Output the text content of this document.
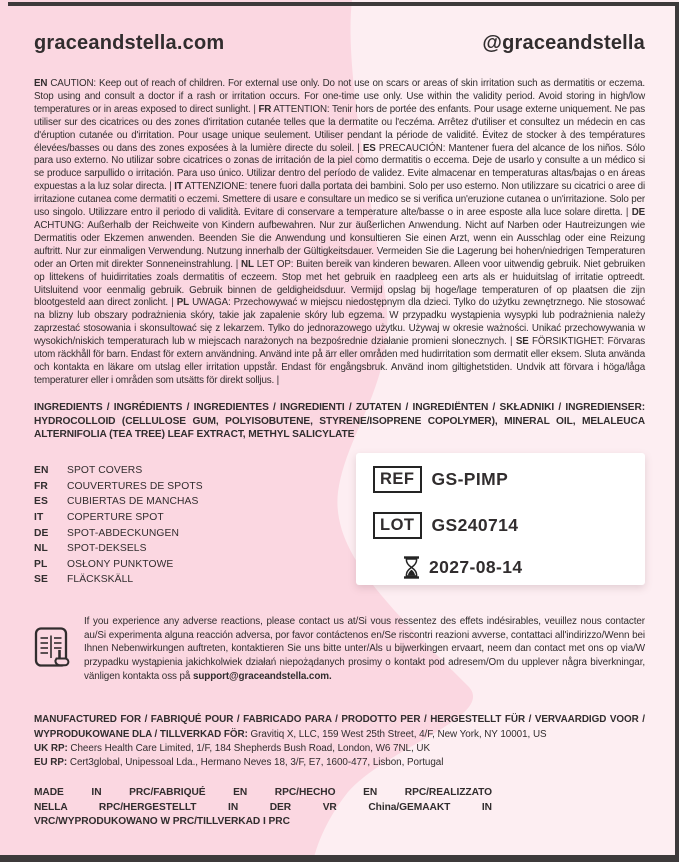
graceandstella.com	@graceandstella

EN CAUTION: Keep out of reach of children. For external use only. Do not use on scars or areas of skin irritation such as dermatitis or eczema. Stop using and consult a doctor if a rash or irritation occurs. For one-time use only. Use within the validity period. Avoid storing in high/low temperatures or in areas exposed to direct sunlight. | FR ATTENTION: Tenir hors de portée des enfants. Pour usage externe uniquement. Ne pas utiliser sur des cicatrices ou des zones d'irritation cutanée telles que la dermatite ou l'eczéma. Arrêtez d'utiliser et consultez un médecin en cas d'éruption cutanée ou d'irritation. Pour usage unique seulement. Utiliser pendant la période de validité. Évitez de stocker à des températures élevées/basses ou dans des zones exposées à la lumière directe du soleil. | ES PRECAUCIÓN: Mantener fuera del alcance de los niños. Sólo para uso externo. No utilizar sobre cicatrices o zonas de irritación de la piel como dermatitis o eccema. Deje de usarlo y consulte a un médico si se produce sarpullido o irritación. Para uso único. Utilizar dentro del período de validez. Evite almacenar en temperaturas altas/bajas o en áreas expuestas a la luz solar directa. | IT ATTENZIONE: tenere fuori dalla portata dei bambini. Solo per uso esterno. Non utilizzare su cicatrici o aree di irritazione cutanea come dermatiti o eczemi. Smettere di usare e consultare un medico se si verifica un'eruzione cutanea o un'irritazione. Solo per uso singolo. Utilizzare entro il periodo di validità. Evitare di conservare a temperature alte/basse o in aree esposte alla luce solare diretta. | DE ACHTUNG: Außerhalb der Reichweite von Kindern aufbewahren. Nur zur äußerlichen Anwendung. Nicht auf Narben oder Hautreizungen wie Dermatitis oder Ekzemen anwenden. Beenden Sie die Anwendung und konsultieren Sie einen Arzt, wenn ein Ausschlag oder eine Reizung auftritt. Nur zur einmaligen Verwendung. Nutzung innerhalb der Gültigkeitsdauer. Vermeiden Sie die Lagerung bei hohen/niedrigen Temperaturen oder an Orten mit direkter Sonneneinstrahlung. | NL LET OP: Buiten bereik van kinderen bewaren. Alleen voor uitwendig gebruik. Niet gebruiken op littekens of huidirritaties zoals dermatitis of eczeem. Stop met het gebruik en raadpleeg een arts als er huiduitslag of irritatie optreedt. Uitsluitend voor eenmalig gebruik. Gebruik binnen de geldigheidsduur. Vermijd opslag bij hoge/lage temperaturen of op plaatsen die zijn blootgesteld aan direct zonlicht. | PL UWAGA: Przechowywać w miejscu niedostępnym dla dzieci. Tylko do użytku zewnętrznego. Nie stosować na blizny lub obszary podrażnienia skóry, takie jak zapalenie skóry lub egzema. W przypadku wystąpienia wysypki lub podrażnienia należy zaprzestać stosowania i skonsultować się z lekarzem. Tylko do jednorazowego użytku. Używaj w okresie ważności. Unikać przechowywania w wysokich/niskich temperaturach lub w miejscach narażonych na bezpośrednie działanie promieni słonecznych. | SE FÖRSIKTIGHET: Förvaras utom räckhåll för barn. Endast för extern användning. Använd inte på ärr eller områden med hudirritation som dermatit eller eksem. Sluta använda och kontakta en läkare om utslag eller irritation uppstår. Endast för engångsbruk. Använd inom giltighetstiden. Undvik att förvara i höga/låga temperaturer eller i områden som utsätts för direkt solljus. |

INGREDIENTS / INGRÉDIENTS / INGREDIENTES / INGREDIENTI / ZUTATEN / INGREDIËNTEN / SKŁADNIKI / INGREDIENSER: HYDROCOLLOID (CELLULOSE GUM, POLYISOBUTENE, STYRENE/ISOPRENE COPOLYMER), MINERAL OIL, MELALEUCA ALTERNIFOLIA (TEA TREE) LEAF EXTRACT, METHYL SALICYLATE

EN	SPOT COVERS
FR	COUVERTURES DE SPOTS
ES	CUBIERTAS DE MANCHAS
IT	COPERTURE SPOT
DE	SPOT-ABDECKUNGEN
NL	SPOT-DEKSELS
PL	OSŁONY PUNKTOWE
SE	FLÄCKSKÄLL
REF GS-PIMP
LOT GS240714
2027-08-14

If you experience any adverse reactions, please contact us at/Si vous ressentez des effets indésirables, veuillez nous contacter au/Si experimenta alguna reacción adversa, por favor contáctenos en/Se riscontri reazioni avverse, contattaci all'indirizzo/Wenn bei Ihnen Nebenwirkungen auftreten, kontaktieren Sie uns bitte unter/Als u bijwerkingen ervaart, neem dan contact met ons op via/W przypadku wystąpienia jakichkolwiek działań niepożądanych prosimy o kontakt pod adresem/Om du upplever några biverkningar, vänligen kontakta oss på support@graceandstella.com.

MANUFACTURED FOR / FABRIQUÉ POUR / FABRICADO PARA / PRODOTTO PER / HERGESTELLT FÜR / VERVAARDIGD VOOR / WYPRODUKOWANE DLA / TILLVERKAD FÖR: Gravitiq X, LLC, 159 West 25th Street, 4/F, New York, NY 10001, US
UK RP: Cheers Health Care Limited, 1/F, 184 Shepherds Bush Road, London, W6 7NL, UK
EU RP: Cert3global, Unipessoal Lda., Hermano Neves 18, 3/F, E7, 1600-477, Lisbon, Portugal
MADE IN PRC/FABRIQUÉ EN RPC/HECHO EN RPC/REALIZZATO
NELLA RPC/HERGESTELLT IN DER VR China/GEMAAKT IN
VRC/WYPRODUKOWANO W PRC/TILLVERKAD I PRC
